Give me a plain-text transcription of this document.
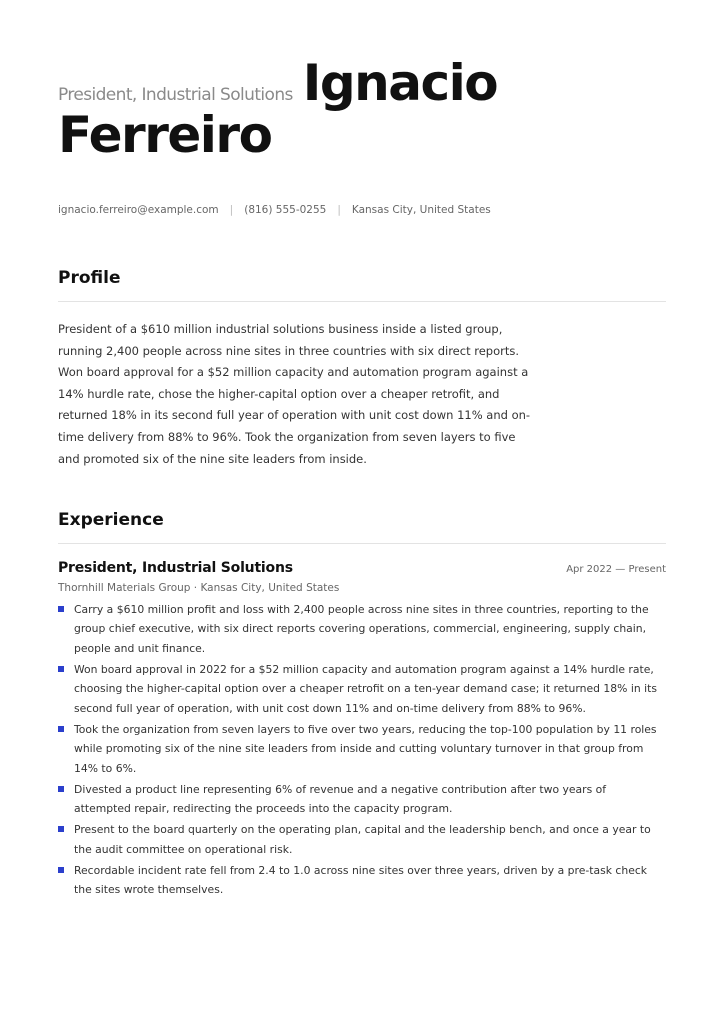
President, Industrial Solutions Ignacio
Ferreiro
ignacio.ferreiro@example.com | (816) 555-0255 | Kansas City, United States
Profile

President of a $610 million industrial solutions business inside a listed group, running 2,400 people across nine sites in three countries with six direct reports. Won board approval for a $52 million capacity and automation program against a 14% hurdle rate, chose the higher-capital option over a cheaper retrofit, and returned 18% in its second full year of operation with unit cost down 11% and on-time delivery from 88% to 96%. Took the organization from seven layers to five and promoted six of the nine site leaders from inside.

Experience
President, Industrial Solutions	Apr 2022 — Present
Thornhill Materials Group · Kansas City, United States
Carry a $610 million profit and loss with 2,400 people across nine sites in three countries, reporting to the group chief executive, with six direct reports covering operations, commercial, engineering, supply chain, people and unit finance.
Won board approval in 2022 for a $52 million capacity and automation program against a 14% hurdle rate, choosing the higher-capital option over a cheaper retrofit on a ten-year demand case; it returned 18% in its second full year of operation, with unit cost down 11% and on-time delivery from 88% to 96%.
Took the organization from seven layers to five over two years, reducing the top-100 population by 11 roles while promoting six of the nine site leaders from inside and cutting voluntary turnover in that group from 14% to 6%.
Divested a product line representing 6% of revenue and a negative contribution after two years of attempted repair, redirecting the proceeds into the capacity program.
Present to the board quarterly on the operating plan, capital and the leadership bench, and once a year to the audit committee on operational risk.
Recordable incident rate fell from 2.4 to 1.0 across nine sites over three years, driven by a pre-task check the sites wrote themselves.
